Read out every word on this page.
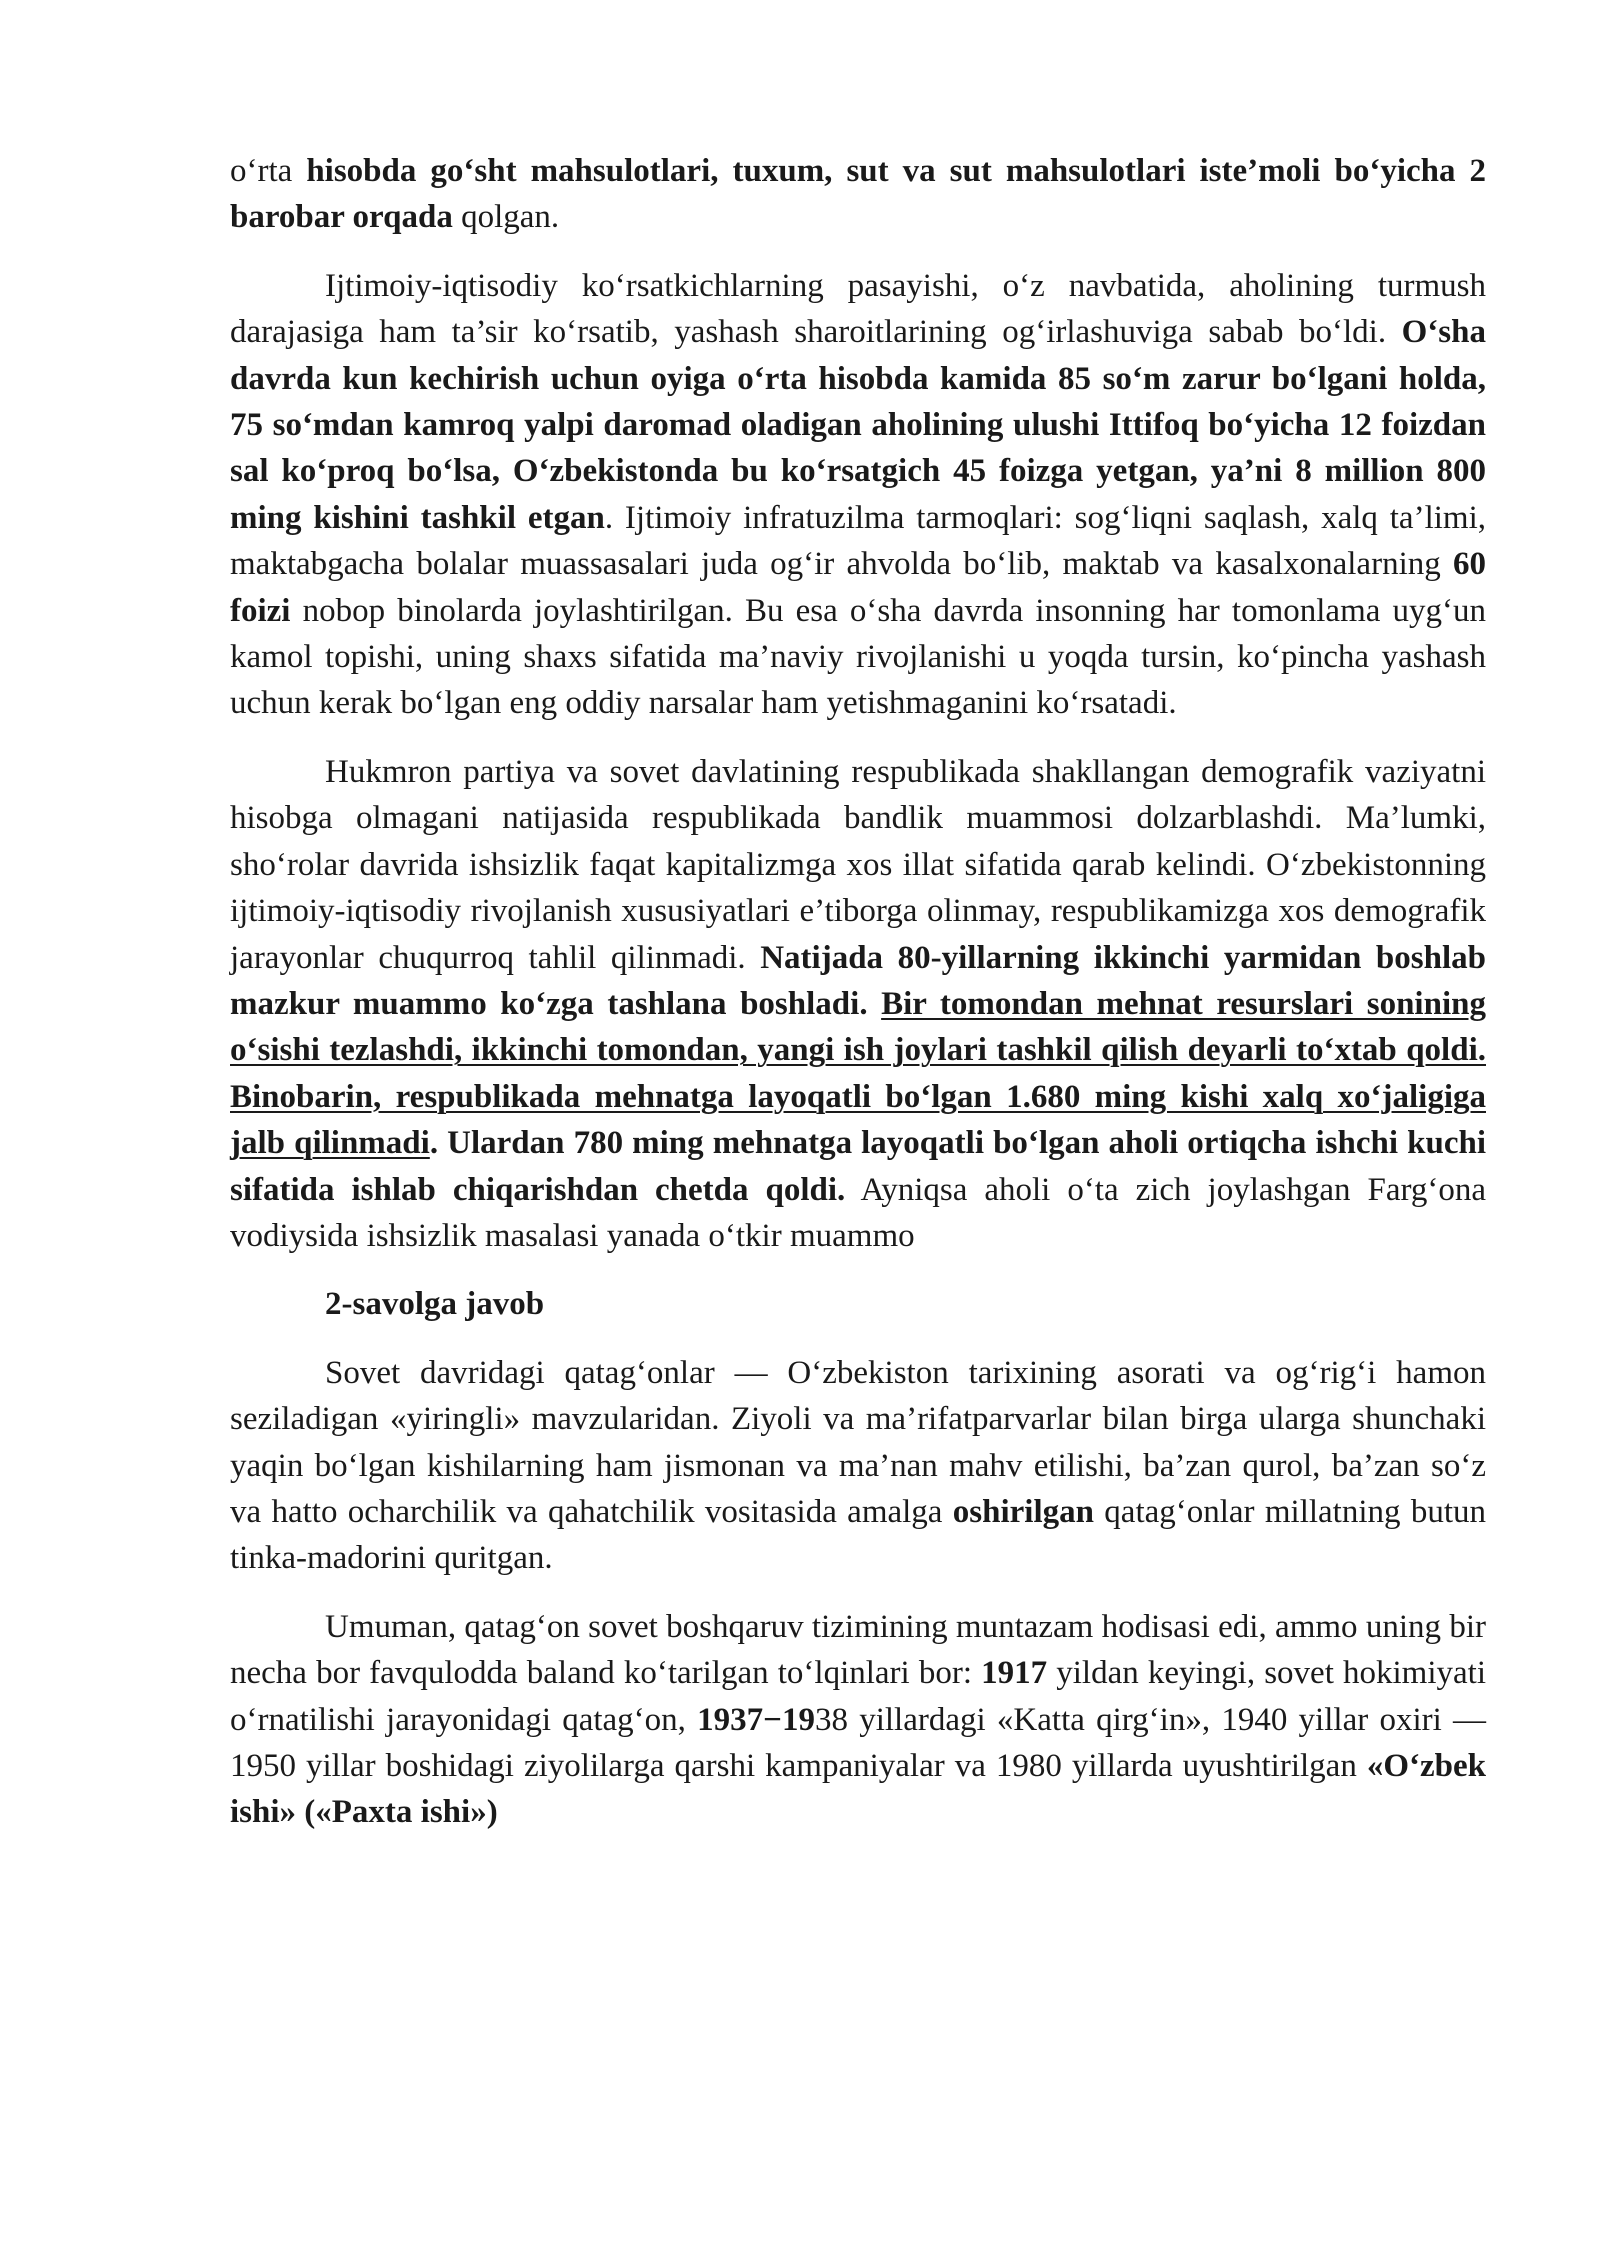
o‘rta hisobda go‘sht mahsulotlari, tuxum, sut va sut mahsulotlari iste’moli bo‘yicha 2 barobar orqada qolgan.

Ijtimoiy-iqtisodiy ko‘rsatkichlarning pasayishi, o‘z navbatida, aholining turmush darajasiga ham ta’sir ko‘rsatib, yashash sharoitlarining og‘irlashuviga sabab bo‘ldi. O‘sha davrda kun kechirish uchun oyiga o‘rta hisobda kamida 85 so‘m zarur bo‘lgani holda, 75 so‘mdan kamroq yalpi daromad oladigan aholining ulushi Ittifoq bo‘yicha 12 foizdan sal ko‘proq bo‘lsa, O‘zbekistonda bu ko‘rsatgich 45 foizga yetgan, ya’ni 8 million 800 ming kishini tashkil etgan. Ijtimoiy infratuzilma tarmoqlari: sog‘liqni saqlash, xalq ta’limi, maktabgacha bolalar muassasalari juda og‘ir ahvolda bo‘lib, maktab va kasalxonalarning 60 foizi nobop binolarda joylashtirilgan. Bu esa o‘sha davrda insonning har tomonlama uyg‘un kamol topishi, uning shaxs sifatida ma’naviy rivojlanishi u yoqda tursin, ko‘pincha yashash uchun kerak bo‘lgan eng oddiy narsalar ham yetishmaganini ko‘rsatadi.

Hukmron partiya va sovet davlatining respublikada shakllangan demografik vaziyatni hisobga olmagani natijasida respublikada bandlik muammosi dolzarblashdi. Ma’lumki, sho‘rolar davrida ishsizlik faqat kapitalizmga xos illat sifatida qarab kelindi. O‘zbekistonning ijtimoiy-iqtisodiy rivojlanish xususiyatlari e’tiborga olinmay, respublikamizga xos demografik jarayonlar chuqurroq tahlil qilinmadi. Natijada 80-yillarning ikkinchi yarmidan boshlab mazkur muammo ko‘zga tashlana boshladi. Bir tomondan mehnat resurslari sonining o‘sishi tezlashdi, ikkinchi tomondan, yangi ish joylari tashkil qilish deyarli to‘xtab qoldi. Binobarin, respublikada mehnatga layoqatli bo‘lgan 1.680 ming kishi xalq xo‘jaligiga jalb qilinmadi. Ulardan 780 ming mehnatga layoqatli bo‘lgan aholi ortiqcha ishchi kuchi sifatida ishlab chiqarishdan chetda qoldi. Ayniqsa aholi o‘ta zich joylashgan Farg‘ona vodiysida ishsizlik masalasi yanada o‘tkir muammo

2-savolga javob

Sovet davridagi qatag‘onlar — O‘zbekiston tarixining asorati va og‘rig‘i hamon seziladigan «yiringli» mavzularidan. Ziyoli va ma’rifatparvarlar bilan birga ularga shunchaki yaqin bo‘lgan kishilarning ham jismonan va ma’nan mahv etilishi, ba’zan qurol, ba’zan so‘z va hatto ocharchilik va qahatchilik vositasida amalga oshirilgan qatag‘onlar millatning butun tinka-madorini quritgan.

Umuman, qatag‘on sovet boshqaruv tizimining muntazam hodisasi edi, ammo uning bir necha bor favqulodda baland ko‘tarilgan to‘lqinlari bor: 1917 yildan keyingi, sovet hokimiyati o‘rnatilishi jarayonidagi qatag‘on, 1937−1938 yillardagi «Katta qirg‘in», 1940 yillar oxiri — 1950 yillar boshidagi ziyolilarga qarshi kampaniyalar va 1980 yillarda uyushtirilgan «O‘zbek ishi» («Paxta ishi»)
